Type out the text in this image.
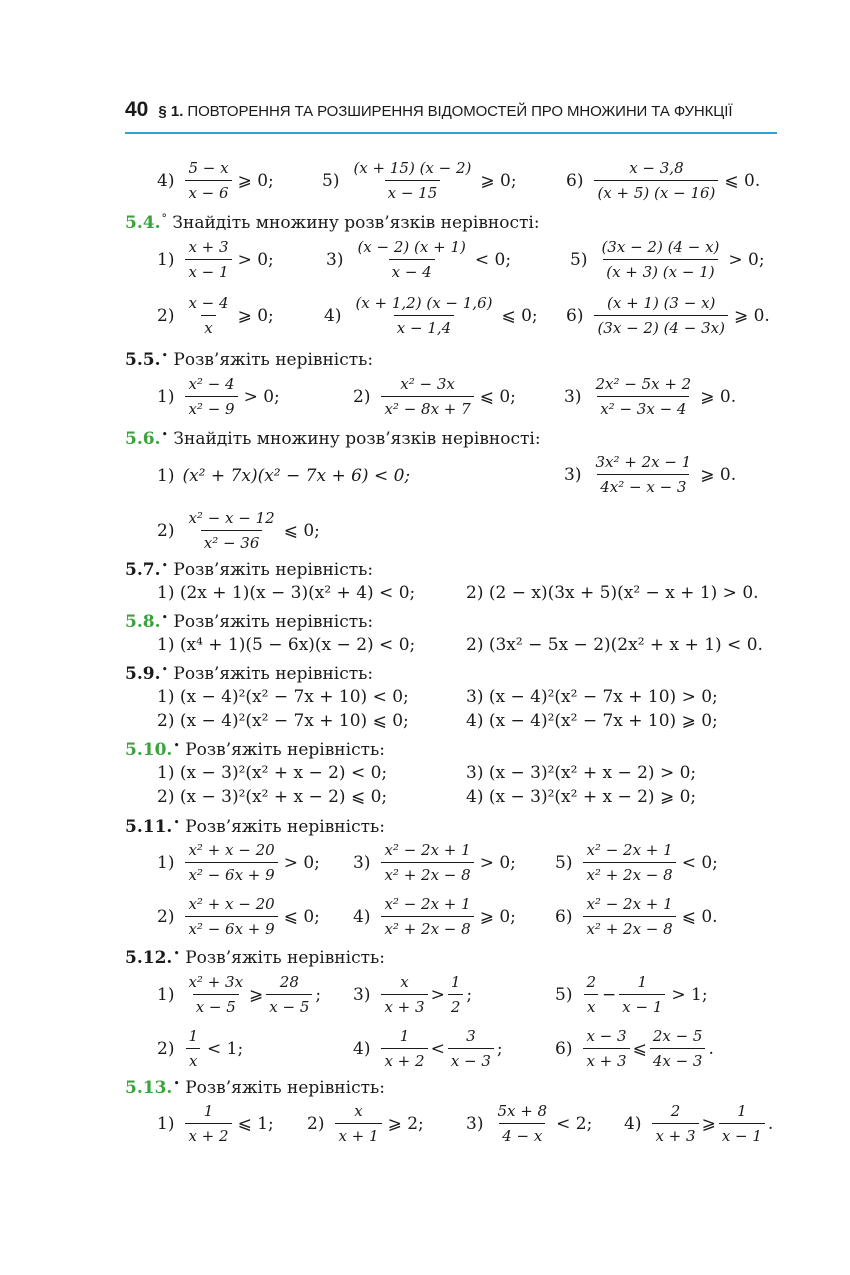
40 § 1. ПОВТОРЕННЯ ТА РОЗШИРЕННЯ ВІДОМОСТЕЙ ПРО МНОЖИНИ ТА ФУНКЦІЇ
$4) \frac{5 - x}{x - 6}$ ⩾ 0;	$5) \frac{(x + 15) (x - 2)}{x - 15}$ ⩾ 0;	$6) \frac{x - 3,8}{(x + 5) (x - 16)}$ ⩽ 0.
5.4.° Знайдіть множину розв’язків нерівності:
$1) \frac{x + 3}{x - 1} > 0$;	$3) \frac{(x - 2) (x + 1)}{x - 4} < 0$;	$5) \frac{(3x - 2) (4 - x)}{(x + 3) (x - 1)} > 0$;
$2) \frac{x - 4}{x}$ ⩾ 0;	$4) \frac{(x + 1,2) (x - 1,6)}{x - 1,4}$ ⩽ 0; $6) \frac{(x + 1) (3 - x)}{(3x - 2) (4 - 3x)}$ ⩾ 0.
5.5.• Розв’яжіть нерівність:
$1) \frac{\text{x² − 4}}{\text{x² − 9}} > 0$;	$2) \frac{\text{x² − 3x}}{\text{x² − 8x + 7}}$ ⩽ 0;	$3) \frac{\text{2x² − 5x + 2}}{\text{x² − 3x − 4}}$ ⩾ 0.
5.6.• Знайдіть множину розв’язків нерівності:
1) (x² + 7x)(x² − 7x + 6) < 0;	$3) \frac{\text{3x² + 2x − 1}}{\text{4x² − x − 3}}$ ⩾ 0.
$2) \frac{\text{x² − x − 12}}{\text{x² − 36}}$ ⩽ 0;
5.7.• Розв’яжіть нерівність:
1) (2x + 1)(x − 3)(x² + 4) < 0;	2) (2 − x)(3x + 5)(x² − x + 1) > 0.
5.8.• Розв’яжіть нерівність:
1) (x⁴ + 1)(5 − 6x)(x − 2) < 0;	2) (3x² − 5x − 2)(2x² + x + 1) < 0.
5.9.• Розв’яжіть нерівність:
1) (x − 4)²(x² − 7x + 10) < 0;	3) (x − 4)²(x² − 7x + 10) > 0;
2) (x − 4)²(x² − 7x + 10) ⩽ 0;	4) (x − 4)²(x² − 7x + 10) ⩾ 0;
5.10.• Розв’яжіть нерівність:
1) (x − 3)²(x² + x − 2) < 0;	3) (x − 3)²(x² + x − 2) > 0;
2) (x − 3)²(x² + x − 2) ⩽ 0;	4) (x − 3)²(x² + x − 2) ⩾ 0;
5.11.• Розв’яжіть нерівність:
$1) \frac{\text{x² + x − 20}}{\text{x² − 6x + 9}} > 0$; $3) \frac{\text{x² − 2x + 1}}{\text{x² + 2x − 8}} > 0$; $5) \frac{\text{x² − 2x + 1}}{\text{x² + 2x − 8}} < 0$;
$2) \frac{\text{x² + x − 20}}{\text{x² − 6x + 9}}$ ⩽ 0; $4) \frac{\text{x² − 2x + 1}}{\text{x² + 2x − 8}}$ ⩾ 0; $6) \frac{\text{x² − 2x + 1}}{\text{x² + 2x − 8}}$ ⩽ 0.
5.12.• Розв’яжіть нерівність:
$1) \frac{\text{x² + 3x}}{x - 5}$ ⩾ $\frac{28}{x - 5}$ ; $3) \frac{x}{x + 3} > \frac{1}{2}$ ;	$5) \frac{2}{x} - \frac{1}{x - 1} > 1$;
$2) \frac{1}{x} < 1$;	$4) \frac{1}{x + 2} < \frac{3}{x - 3}$ ;	$6) \frac{x - 3}{x + 3}$ ⩽ $\frac{2x - 5}{4x - 3}$ .
5.13.• Розв’яжіть нерівність:
$1) \frac{1}{x + 2}$ ⩽ 1; $2) \frac{x}{x + 1}$ ⩾ 2; $3) \frac{5x + 8}{4 - x} < 2$; $4) \frac{2}{x + 3}$ ⩾ $\frac{1}{x - 1}$ .
